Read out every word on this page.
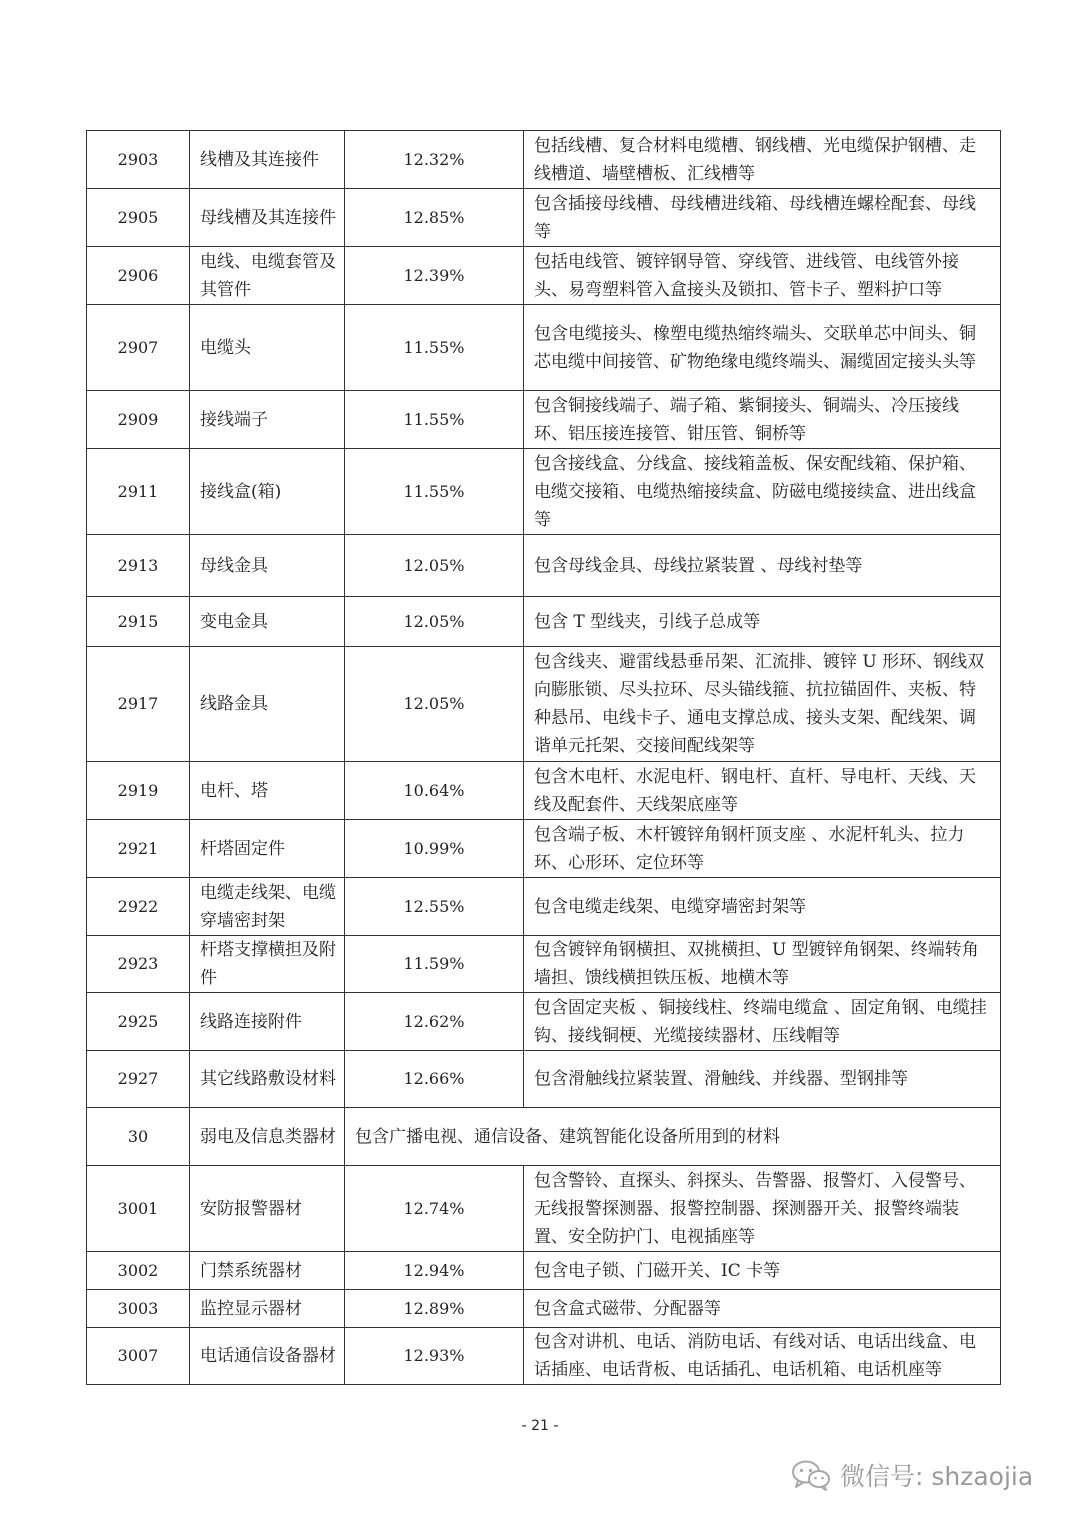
2903	线槽及其连接件	12.32%	包括线槽、复合材料电缆槽、钢线槽、光电缆保护钢槽、走线槽道、墙壁槽板、汇线槽等
2905	母线槽及其连接件	12.85%	包含插接母线槽、母线槽进线箱、母线槽连螺栓配套、母线等
2906	电线、电缆套管及其管件	12.39%	包括电线管、镀锌钢导管、穿线管、进线管、电线管外接头、易弯塑料管入盒接头及锁扣、管卡子、塑料护口等
2907	电缆头	11.55%	包含电缆接头、橡塑电缆热缩终端头、交联单芯中间头、铜芯电缆中间接管、矿物绝缘电缆终端头、漏缆固定接头头等
2909	接线端子	11.55%	包含铜接线端子、端子箱、紫铜接头、铜端头、冷压接线环、铝压接连接管、钳压管、铜桥等
2911	接线盒(箱)	11.55%	包含接线盒、分线盒、接线箱盖板、保安配线箱、保护箱、电缆交接箱、电缆热缩接续盒、防磁电缆接续盒、进出线盒等
2913	母线金具	12.05%	包含母线金具、母线拉紧装置 、母线衬垫等
2915	变电金具	12.05%	包含 T 型线夹，引线子总成等
2917	线路金具	12.05%	包含线夹、避雷线悬垂吊架、汇流排、镀锌 U 形环、钢线双向膨胀锁、尽头拉环、尽头锚线箍、抗拉锚固件、夹板、特种悬吊、电线卡子、通电支撑总成、接头支架、配线架、调谐单元托架、交接间配线架等
2919	电杆、塔	10.64%	包含木电杆、水泥电杆、钢电杆、直杆、导电杆、天线、天线及配套件、天线架底座等
2921	杆塔固定件	10.99%	包含端子板、木杆镀锌角钢杆顶支座 、水泥杆轧头、拉力环、心形环、定位环等
2922	电缆走线架、电缆穿墙密封架	12.55%	包含电缆走线架、电缆穿墙密封架等
2923	杆塔支撑横担及附件	11.59%	包含镀锌角钢横担、双挑横担、U 型镀锌角钢架、终端转角墙担、馈线横担铁压板、地横木等
2925	线路连接附件	12.62%	包含固定夹板 、铜接线柱、终端电缆盒 、固定角钢、电缆挂钩、接线铜梗、光缆接续器材、压线帽等
2927	其它线路敷设材料	12.66%	包含滑触线拉紧装置、滑触线、并线器、型钢排等
30	弱电及信息类器材	包含广播电视、通信设备、建筑智能化设备所用到的材料	
3001	安防报警器材	12.74%	包含警铃、直探头、斜探头、告警器、报警灯、入侵警号、无线报警探测器、报警控制器、探测器开关、报警终端装置、安全防护门、电视插座等
3002	门禁系统器材	12.94%	包含电子锁、门磁开关、IC 卡等
3003	监控显示器材	12.89%	包含盒式磁带、分配器等
3007	电话通信设备器材	12.93%	包含对讲机、电话、消防电话、有线对话、电话出线盒、电话插座、电话背板、电话插孔、电话机箱、电话机座等
- 21 -
微信号: shzaojia
